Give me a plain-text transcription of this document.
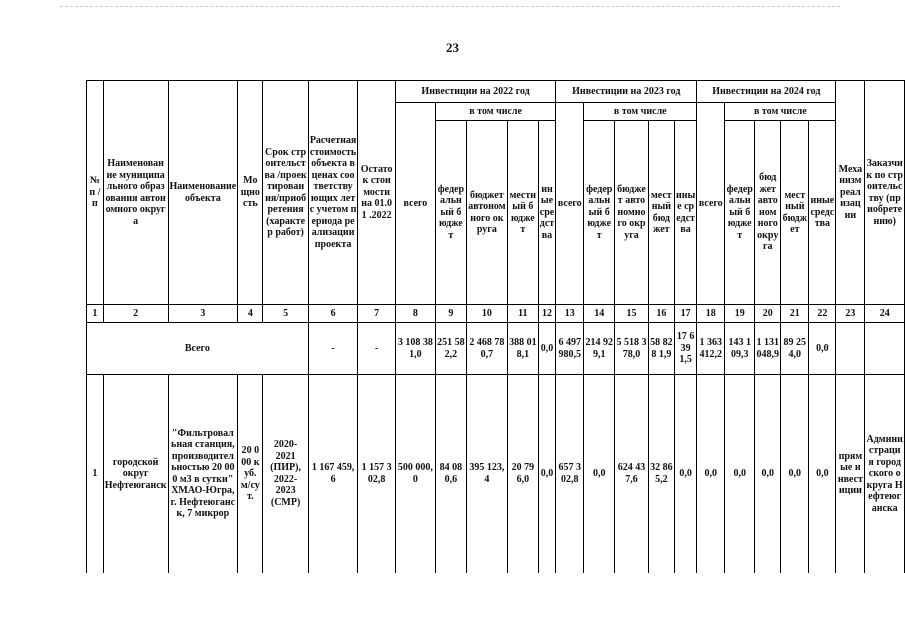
23
№ п / п	Наименование муниципального образования автономного округа	Наименование объекта	Мощность	Срок строительства /проектирования/приобретения (характер работ)	Расчетная стоимость объекта в ценах соответствующих лет с учетом периода реализации проекта	Остаток стоимости на 01.01 .2022	Инвестиции на 2022 год					Инвестиции на 2023 год					Инвестиции на 2024 год					Механизм реализации	Заказчик по строительству (приобретению)
							всего	в том числе				всего	в том числе				всего	в том числе					
								федеральный бюджет	бюджет автономного округа	местный бюджет	иные средства		федеральный бюджет	бюджет автономного округа	местный бюджет	иные средства		федеральный бюджет	бюджет автономного округа	местный бюджет	иные средства		
1	2	3	4	5	6	7	8	9	10	11	12	13	14	15	16	17	18	19	20	21	22	23	24
Всего					-	-	3 108 381,0	251 582,2	2 468 780,7	388 018,1	0,0	6 497 980,5	214 929,1	5 518 378,0	58 828 1,9	17 639 1,5	1 363 412,2	143 109,3	1 131 048,9	89 254,0	0,0		
1	городской округ Нефтеюганск	"Фильтровальная станция, производительностью 20 000 м3 в сутки" ХМАО-Югра, г. Нефтеюганск, 7 микрор	20 000 куб. м/сут.	2020-2021 (ПИР), 2022-2023 (СМР)	1 167 459,6	1 157 302,8	500 000,0	84 080,6	395 123,4	20 796,0	0,0	657 302,8	0,0	624 437,6	32 865,2	0,0	0,0	0,0	0,0	0,0	0,0	прямые инвестиции	Администрация городского округа Нефтеюганска
